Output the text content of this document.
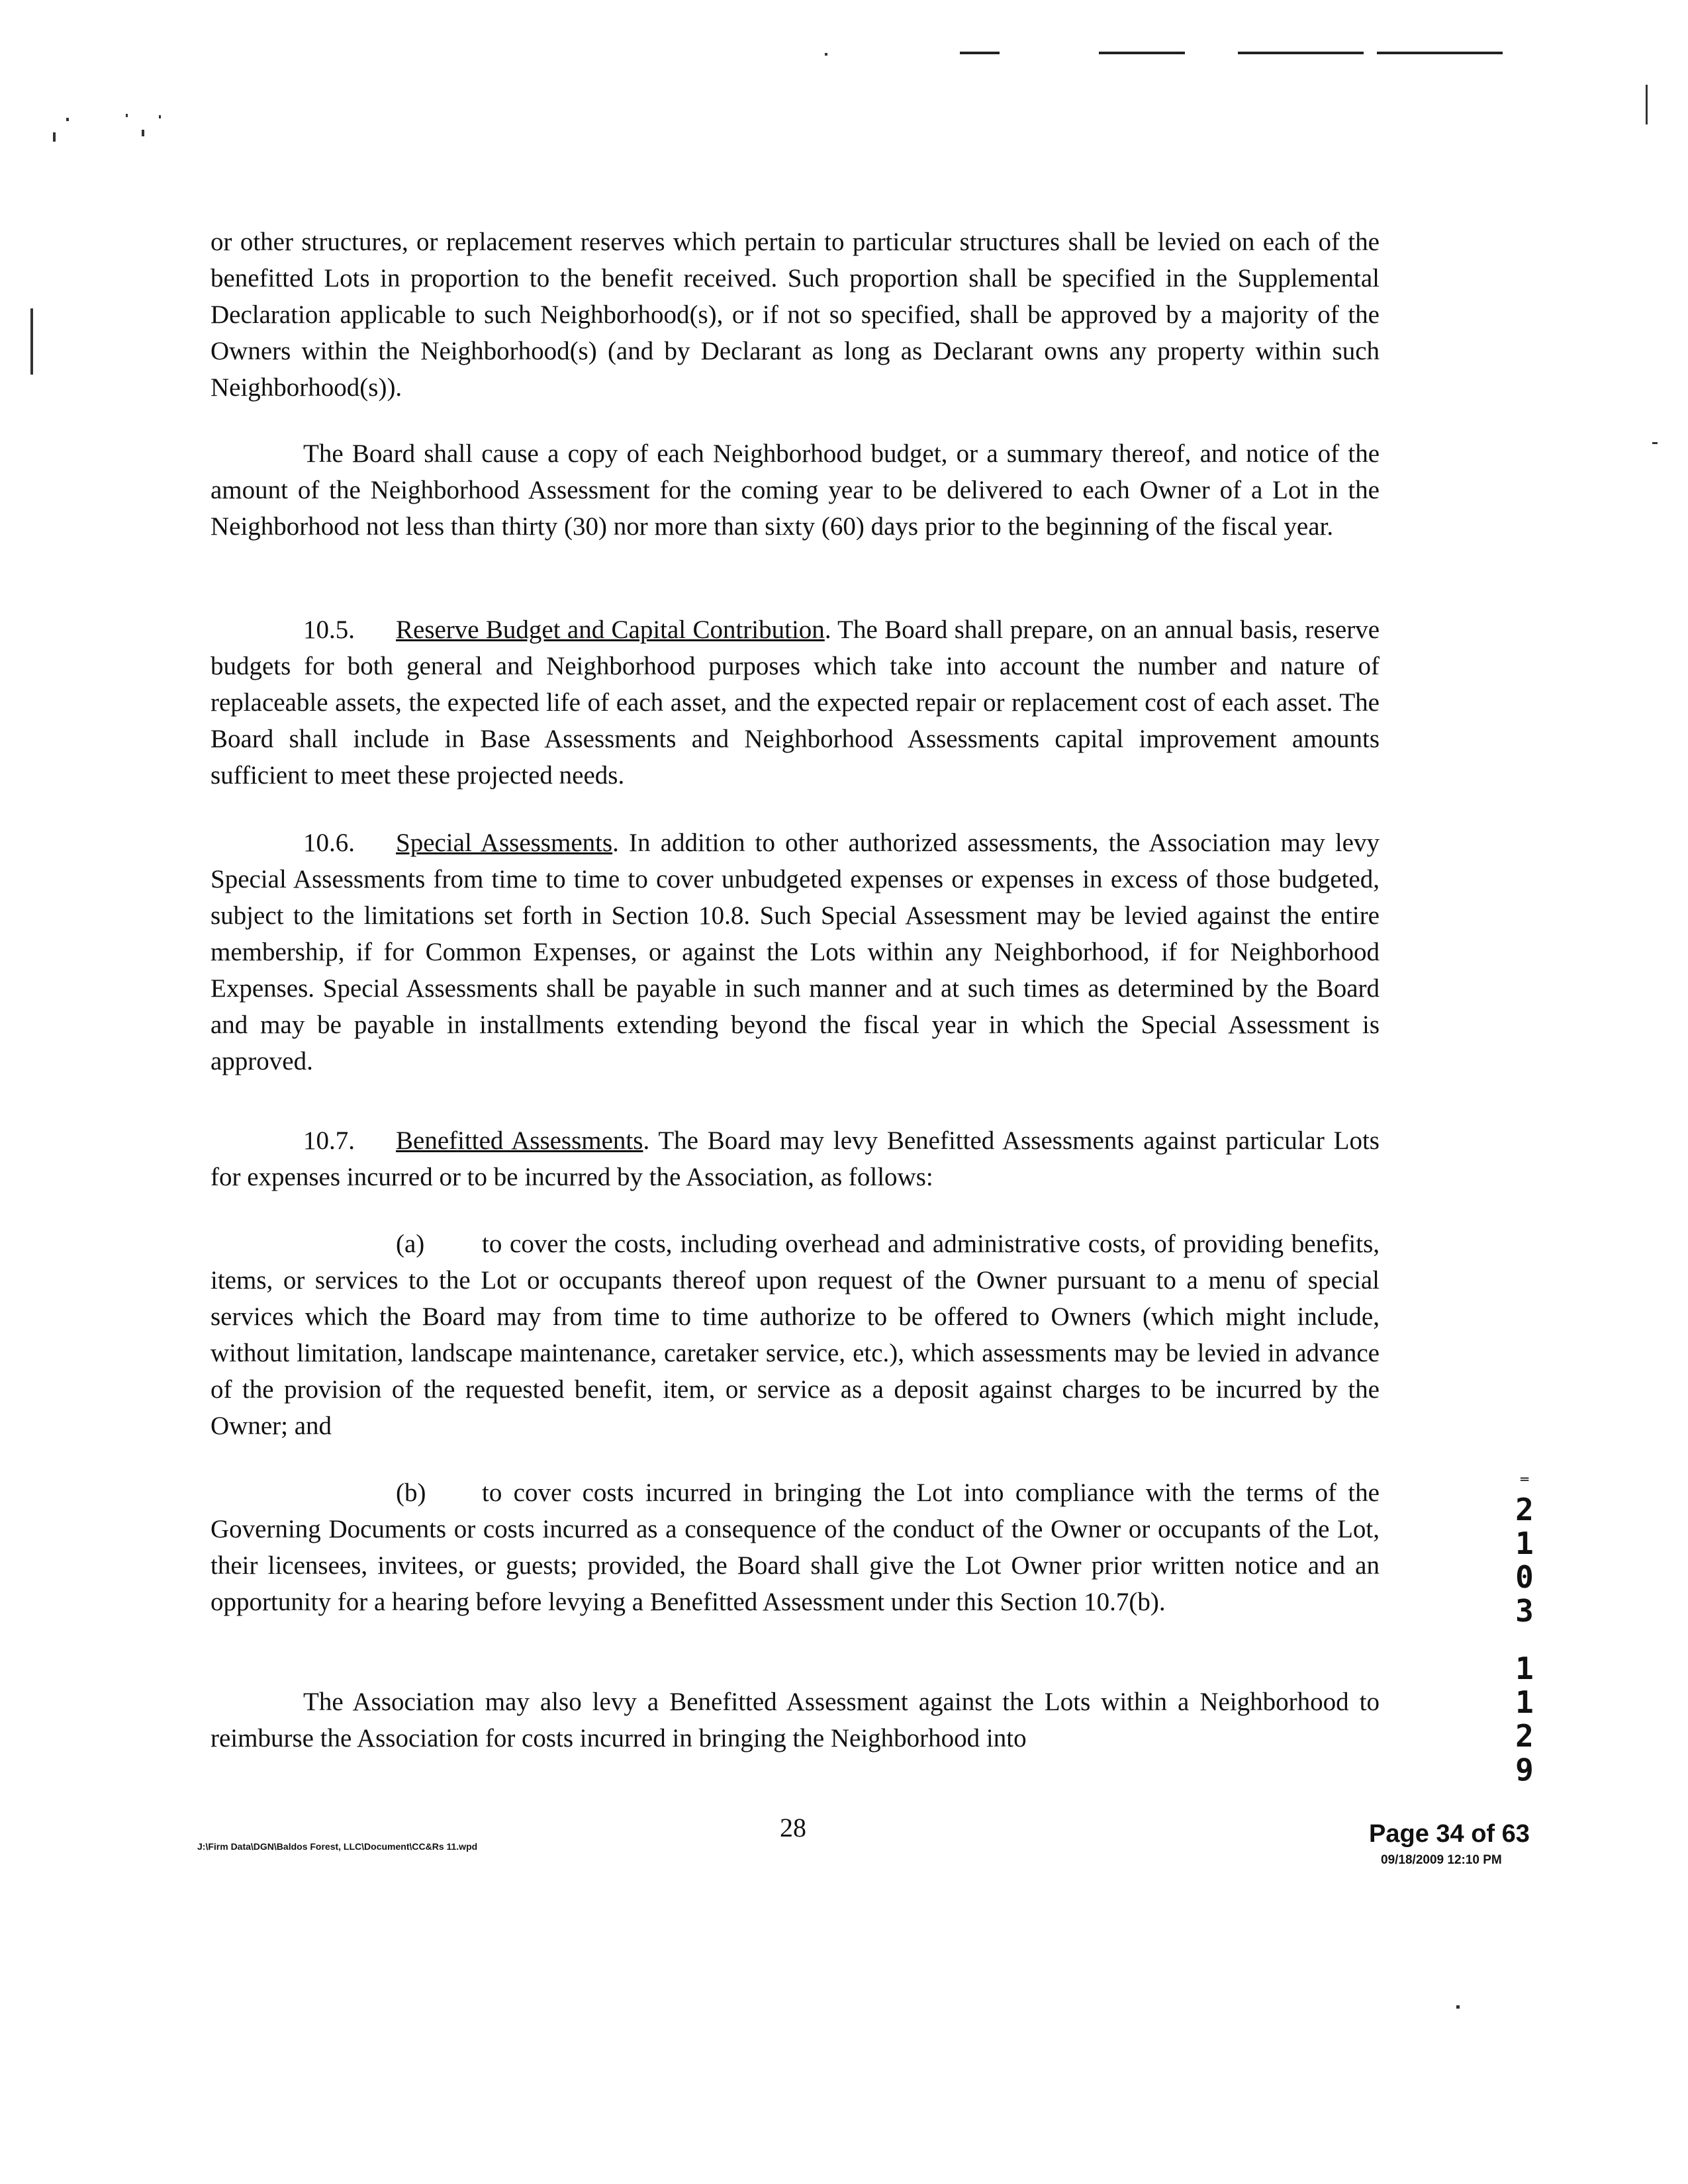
or other structures, or replacement reserves which pertain to particular structures shall be levied on each of the benefitted Lots in proportion to the benefit received. Such proportion shall be specified in the Supplemental Declaration applicable to such Neighborhood(s), or if not so specified, shall be approved by a majority of the Owners within the Neighborhood(s) (and by Declarant as long as Declarant owns any property within such Neighborhood(s)).

The Board shall cause a copy of each Neighborhood budget, or a summary thereof, and notice of the amount of the Neighborhood Assessment for the coming year to be delivered to each Owner of a Lot in the Neighborhood not less than thirty (30) nor more than sixty (60) days prior to the beginning of the fiscal year.

10.5. Reserve Budget and Capital Contribution. The Board shall prepare, on an annual basis, reserve budgets for both general and Neighborhood purposes which take into account the number and nature of replaceable assets, the expected life of each asset, and the expected repair or replacement cost of each asset. The Board shall include in Base Assessments and Neighborhood Assessments capital improvement amounts sufficient to meet these projected needs.

10.6. Special Assessments. In addition to other authorized assessments, the Association may levy Special Assessments from time to time to cover unbudgeted expenses or expenses in excess of those budgeted, subject to the limitations set forth in Section 10.8. Such Special Assessment may be levied against the entire membership, if for Common Expenses, or against the Lots within any Neighborhood, if for Neighborhood Expenses. Special Assessments shall be payable in such manner and at such times as determined by the Board and may be payable in installments extending beyond the fiscal year in which the Special Assessment is approved.

10.7. Benefitted Assessments. The Board may levy Benefitted Assessments against particular Lots for expenses incurred or to be incurred by the Association, as follows:

(a) to cover the costs, including overhead and administrative costs, of providing benefits, items, or services to the Lot or occupants thereof upon request of the Owner pursuant to a menu of special services which the Board may from time to time authorize to be offered to Owners (which might include, without limitation, landscape maintenance, caretaker service, etc.), which assessments may be levied in advance of the provision of the requested benefit, item, or service as a deposit against charges to be incurred by the Owner; and

(b) to cover costs incurred in bringing the Lot into compliance with the terms of the Governing Documents or costs incurred as a consequence of the conduct of the Owner or occupants of the Lot, their licensees, invitees, or guests; provided, the Board shall give the Lot Owner prior written notice and an opportunity for a hearing before levying a Benefitted Assessment under this Section 10.7(b).

The Association may also levy a Benefitted Assessment against the Lots within a Neighborhood to reimburse the Association for costs incurred in bringing the Neighborhood into

J:\Firm Data\DGN\Baldos Forest, LLC\Document\CC&Rs 11.wpd
28
═
2
1
0
3
1
1
2
9
Page 34 of 63
09/18/2009 12:10 PM
